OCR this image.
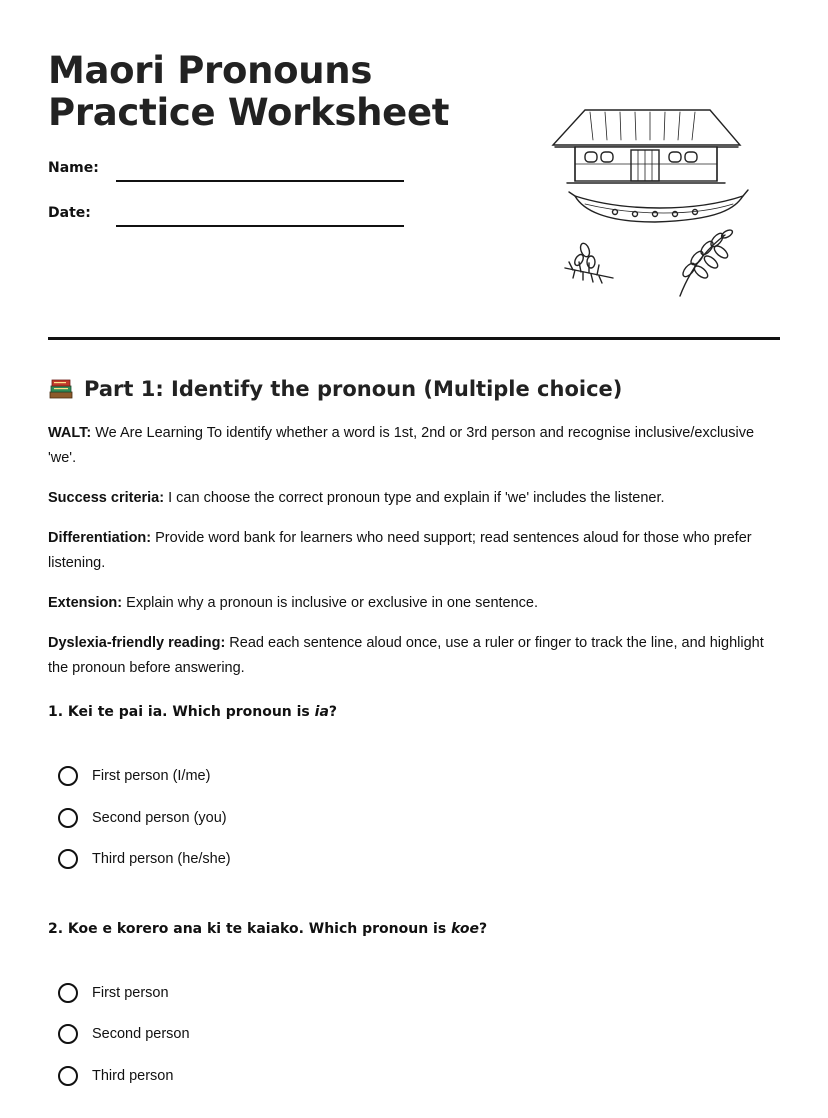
Maori Pronouns
Practice Worksheet
Name:
Date:
Part 1: Identify the pronoun (Multiple choice)

WALT: We Are Learning To identify whether a word is 1st, 2nd or 3rd person and recognise inclusive/exclusive 'we'.

Success criteria: I can choose the correct pronoun type and explain if 'we' includes the listener.

Differentiation: Provide word bank for learners who need support; read sentences aloud for those who prefer listening.

Extension: Explain why a pronoun is inclusive or exclusive in one sentence.

Dyslexia-friendly reading: Read each sentence aloud once, use a ruler or finger to track the line, and highlight the pronoun before answering.

1. Kei te pai ia. Which pronoun is ia?

First person (I/me)
Second person (you)
Third person (he/she)

2. Koe e korero ana ki te kaiako. Which pronoun is koe?

First person
Second person
Third person
